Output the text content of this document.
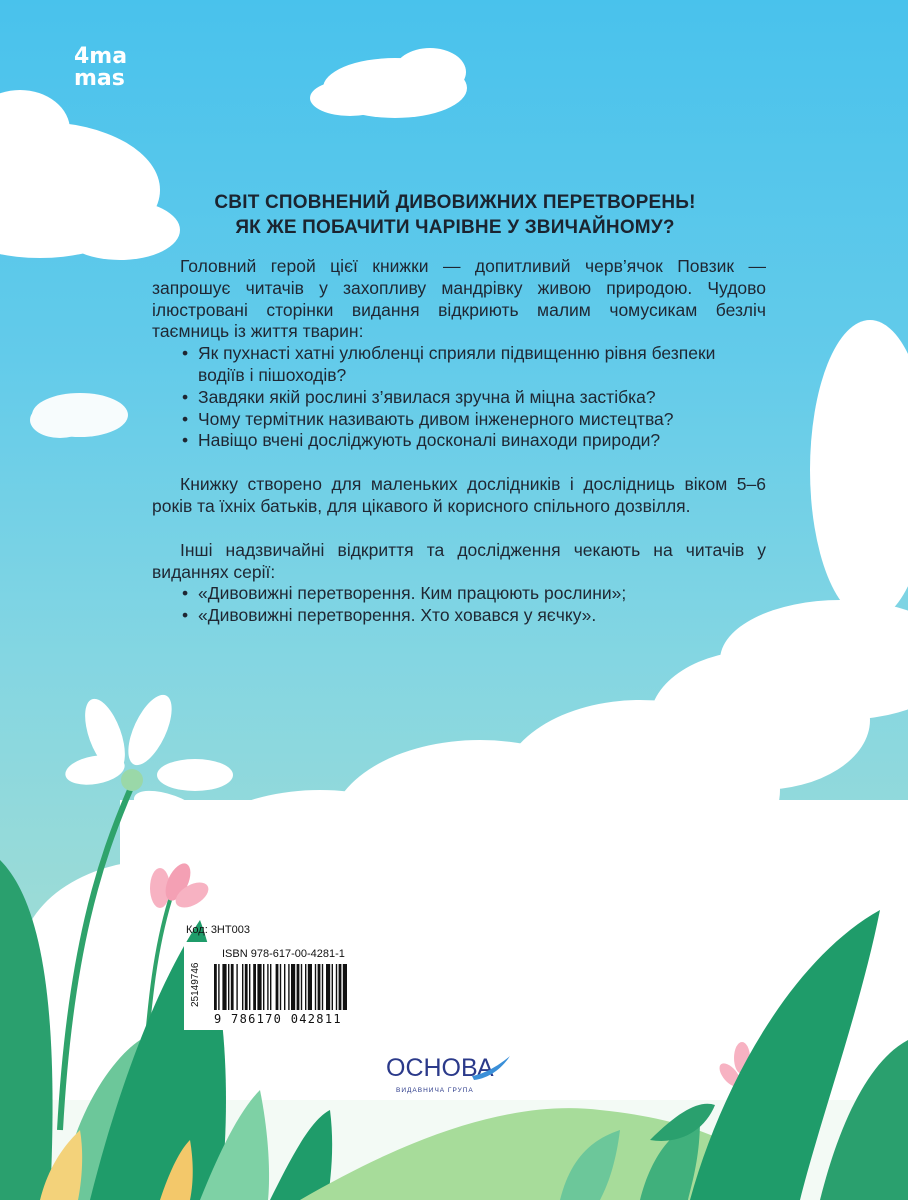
4ma
mas
СВІТ СПОВНЕНИЙ ДИВОВИЖНИХ ПЕРЕТВОРЕНЬ!
ЯК ЖЕ ПОБАЧИТИ ЧАРІВНЕ У ЗВИЧАЙНОМУ?

Головний герой цієї книжки — допитливий черв’ячок Повзик — запрошує читачів у захопливу мандрівку живою природою. Чудово ілюстровані сторінки видання відкриють малим чомусикам безліч таємниць із життя тварин:

• Як пухнасті хатні улюбленці сприяли підвищенню рівня безпеки водіїв і пішоходів?
• Завдяки якій рослині з’явилася зручна й міцна застібка?
• Чому термітник називають дивом інженерного мистецтва?
• Навіщо вчені досліджують досконалі винаходи природи?

Книжку створено для маленьких дослідників і дослідниць віком 5–6 років та їхніх батьків, для цікавого й корисного спільного дозвілля.

Інші надзвичайні відкриття та дослідження чекають на читачів у виданнях серії:

• «Дивовижні перетворення. Ким працюють рослини»;
• «Дивовижні перетворення. Хто ховався у яєчку».
Код: 3НТ003
25149746
ISBN 978-617-00-4281-1
9 786170 042811
ОСНОВА
ВИДАВНИЧА ГРУПА
